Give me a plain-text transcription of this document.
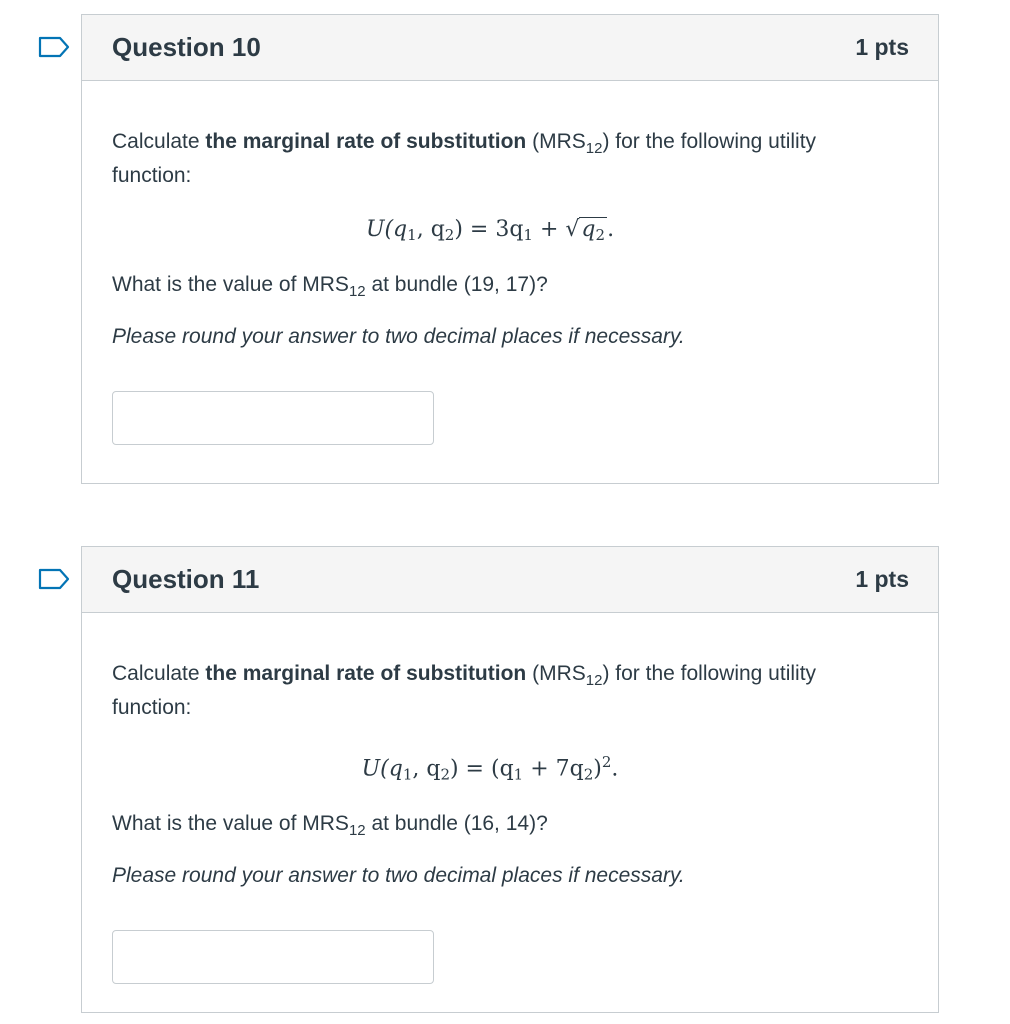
Question 10	1 pts

Calculate the marginal rate of substitution $(MRS_{12})$ for the following utility function:

$U(q_1$, $q_2) = 3q_1 + √q_2$.

What is the value of $MRS_{12}$ at bundle (19, 17)?

Please round your answer to two decimal places if necessary.

Question 11	1 pts

Calculate the marginal rate of substitution $(MRS_{12})$ for the following utility function:

$U(q_1$, $q_2) = (q_1 + 7q_2)^2$.

What is the value of $MRS_{12}$ at bundle (16, 14)?

Please round your answer to two decimal places if necessary.
